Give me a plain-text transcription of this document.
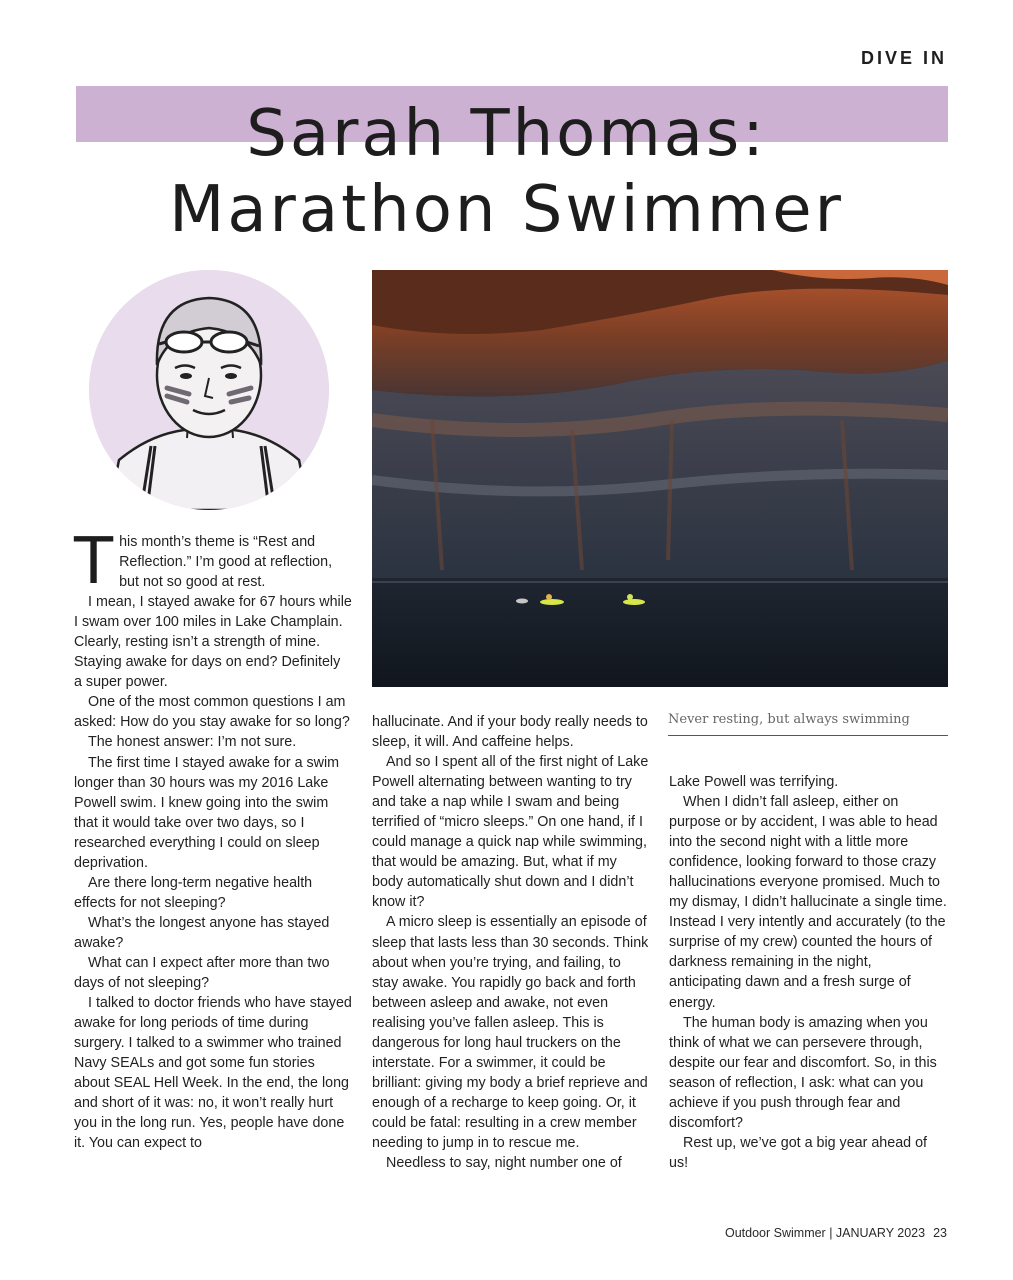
DIVE IN
Sarah Thomas:
Marathon Swimmer
Never resting, but always swimming

This month’s theme is “Rest and Reflection.” I’m good at reflection, but not so good at rest.

I mean, I stayed awake for 67 hours while I swam over 100 miles in Lake Champlain. Clearly, resting isn’t a strength of mine. Staying awake for days on end? Definitely a super power.

One of the most common questions I am asked: How do you stay awake for so long?

The honest answer: I’m not sure.

The first time I stayed awake for a swim longer than 30 hours was my 2016 Lake Powell swim. I knew going into the swim that it would take over two days, so I researched everything I could on sleep deprivation.

Are there long-term negative health effects for not sleeping?

What’s the longest anyone has stayed awake?

What can I expect after more than two days of not sleeping?

I talked to doctor friends who have stayed awake for long periods of time during surgery. I talked to a swimmer who trained Navy SEALs and got some fun stories about SEAL Hell Week. In the end, the long and short of it was: no, it won’t really hurt you in the long run. Yes, people have done it. You can expect to

hallucinate. And if your body really needs to sleep, it will. And caffeine helps.

And so I spent all of the first night of Lake Powell alternating between wanting to try and take a nap while I swam and being terrified of “micro sleeps.” On one hand, if I could manage a quick nap while swimming, that would be amazing. But, what if my body automatically shut down and I didn’t know it?

A micro sleep is essentially an episode of sleep that lasts less than 30 seconds. Think about when you’re trying, and failing, to stay awake. You rapidly go back and forth between asleep and awake, not even realising you’ve fallen asleep. This is dangerous for long haul truckers on the interstate. For a swimmer, it could be brilliant: giving my body a brief reprieve and enough of a recharge to keep going. Or, it could be fatal: resulting in a crew member needing to jump in to rescue me.

Needless to say, night number one of

Lake Powell was terrifying.

When I didn’t fall asleep, either on purpose or by accident, I was able to head into the second night with a little more confidence, looking forward to those crazy hallucinations everyone promised. Much to my dismay, I didn’t hallucinate a single time. Instead I very intently and accurately (to the surprise of my crew) counted the hours of darkness remaining in the night, anticipating dawn and a fresh surge of energy.

The human body is amazing when you think of what we can persevere through, despite our fear and discomfort. So, in this season of reflection, I ask: what can you achieve if you push through fear and discomfort?

Rest up, we’ve got a big year ahead of us!

Outdoor Swimmer | JANUARY 2023 23
